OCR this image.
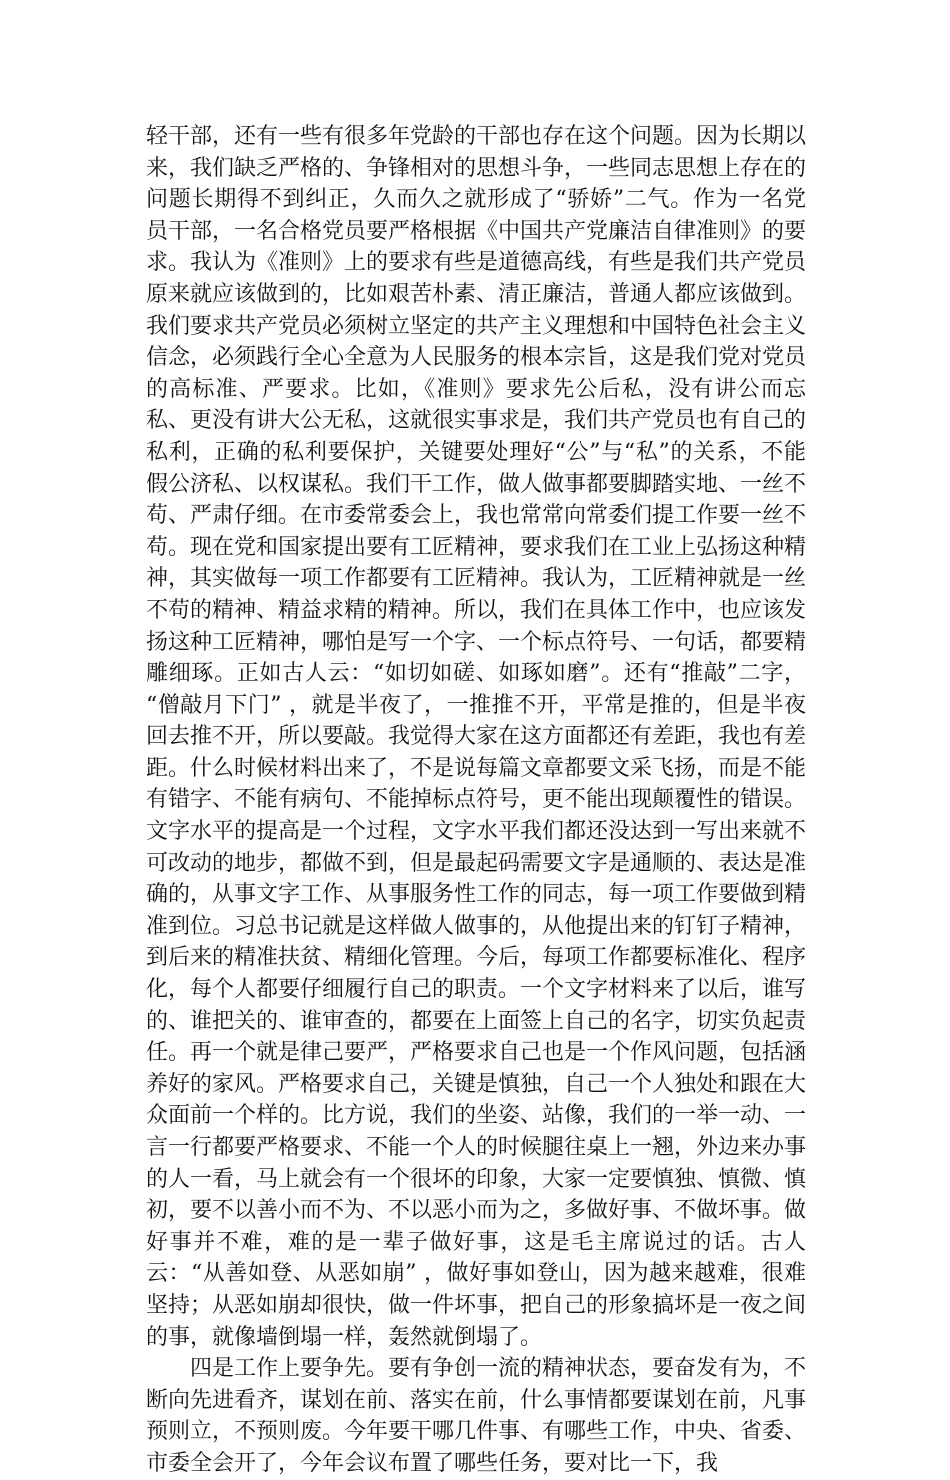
轻干部，还有一些有很多年党龄的干部也存在这个问题。因为长期以来，我们缺乏严格的、争锋相对的思想斗争，一些同志思想上存在的问题长期得不到纠正，久而久之就形成了“骄娇”二气。作为一名党员干部，一名合格党员要严格根据《中国共产党廉洁自律准则》的要求。我认为《准则》上的要求有些是道德高线，有些是我们共产党员原来就应该做到的，比如艰苦朴素、清正廉洁，普通人都应该做到。我们要求共产党员必须树立坚定的共产主义理想和中国特色社会主义信念，必须践行全心全意为人民服务的根本宗旨，这是我们党对党员的高标准、严要求。比如，《准则》要求先公后私，没有讲公而忘私、更没有讲大公无私，这就很实事求是，我们共产党员也有自己的私利，正确的私利要保护，关键要处理好“公”与“私”的关系，不能假公济私、以权谋私。我们干工作，做人做事都要脚踏实地、一丝不苟、严肃仔细。在市委常委会上，我也常常向常委们提工作要一丝不苟。现在党和国家提出要有工匠精神，要求我们在工业上弘扬这种精神，其实做每一项工作都要有工匠精神。我认为，工匠精神就是一丝不苟的精神、精益求精的精神。所以，我们在具体工作中，也应该发扬这种工匠精神，哪怕是写一个字、一个标点符号、一句话，都要精雕细琢。正如古人云：“如切如磋、如琢如磨”。还有“推敲”二字， “僧敲月下门” ，就是半夜了，一推推不开，平常是推的，但是半夜回去推不开，所以要敲。我觉得大家在这方面都还有差距，我也有差距。什么时候材料出来了，不是说每篇文章都要文采飞扬，而是不能有错字、不能有病句、不能掉标点符号，更不能出现颠覆性的错误。文字水平的提高是一个过程，文字水平我们都还没达到一写出来就不可改动的地步，都做不到，但是最起码需要文字是通顺的、表达是准确的，从事文字工作、从事服务性工作的同志，每一项工作要做到精准到位。习总书记就是这样做人做事的，从他提出来的钉钉子精神，到后来的精准扶贫、精细化管理。今后，每项工作都要标准化、程序化，每个人都要仔细履行自己的职责。一个文字材料来了以后，谁写的、谁把关的、谁审查的，都要在上面签上自己的名字，切实负起责任。再一个就是律己要严，严格要求自己也是一个作风问题，包括涵养好的家风。严格要求自己，关键是慎独，自己一个人独处和跟在大众面前一个样的。比方说，我们的坐姿、站像，我们的一举一动、一言一行都要严格要求、不能一个人的时候腿往桌上一翘，外边来办事的人一看，马上就会有一个很坏的印象，大家一定要慎独、慎微、慎初，要不以善小而不为、不以恶小而为之，多做好事、不做坏事。做好事并不难，难的是一辈子做好事，这是毛主席说过的话。古人云：“从善如登、从恶如崩” ，做好事如登山，因为越来越难，很难坚持；从恶如崩却很快，做一件坏事，把自己的形象搞坏是一夜之间的事，就像墙倒塌一样，轰然就倒塌了。

四是工作上要争先。要有争创一流的精神状态，要奋发有为，不断向先进看齐，谋划在前、落实在前，什么事情都要谋划在前，凡事预则立，不预则废。今年要干哪几件事、有哪些工作，中央、省委、市委全会开了，今年会议布置了哪些任务，要对比一下，我
